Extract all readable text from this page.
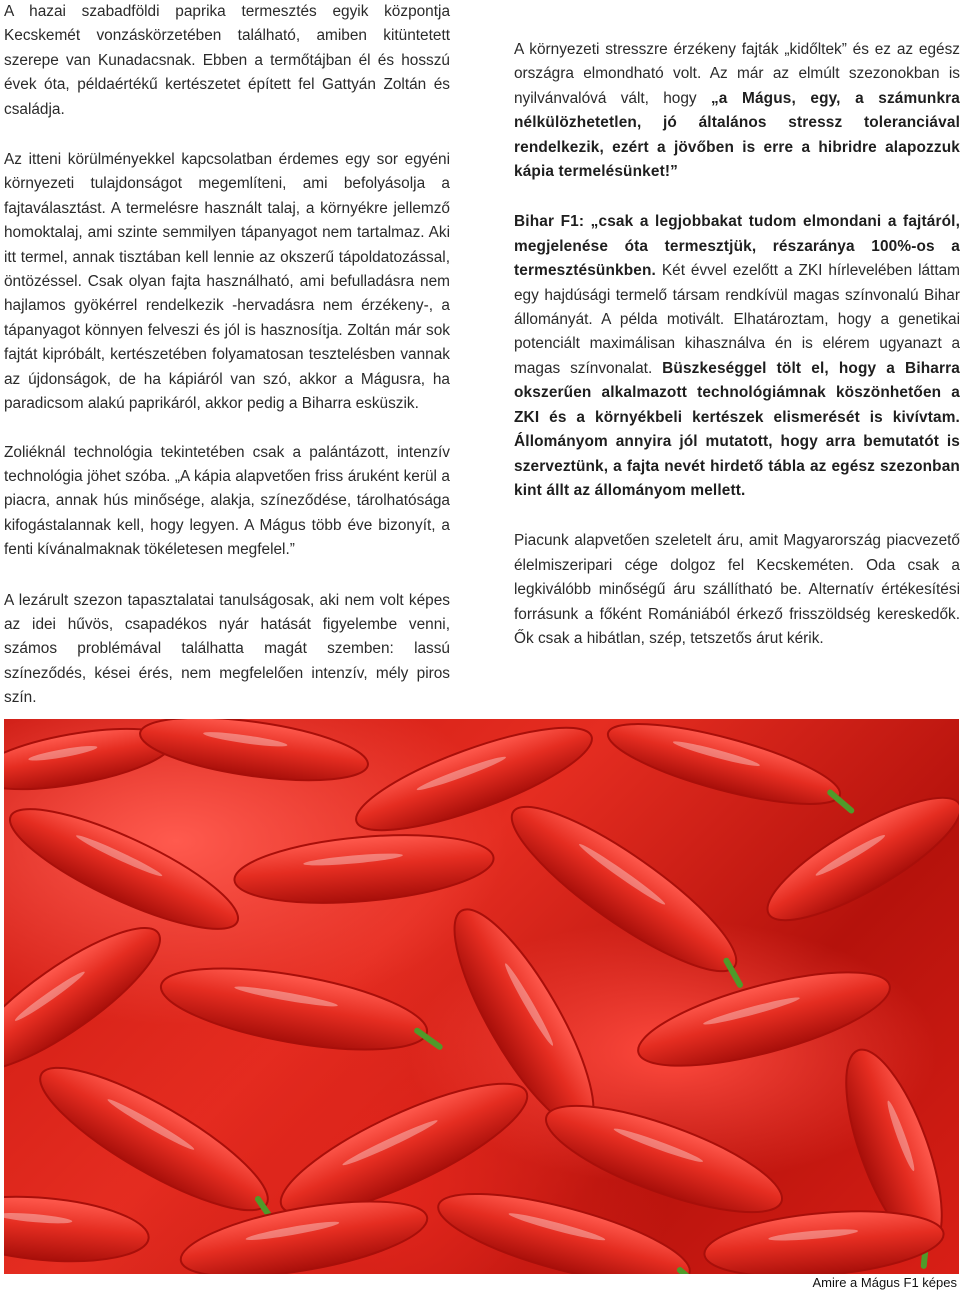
A hazai szabadföldi paprika termesztés egyik központja Kecskemét vonzáskörzetében található, amiben kitüntetett szerepe van Kunadacsnak. Ebben a termőtájban él és hosszú évek óta, példaértékű kertészetet épített fel Gattyán Zoltán és családja.

Az itteni körülményekkel kapcsolatban érdemes egy sor egyéni környezeti tulajdonságot megemlíteni, ami befolyásolja a fajtaválasztást. A termelésre használt talaj, a környékre jellemző homoktalaj, ami szinte semmilyen tápanyagot nem tartalmaz. Aki itt termel, annak tisztában kell lennie az okszerű tápoldatozással, öntözéssel. Csak olyan fajta használható, ami befulladásra nem hajlamos gyökérrel rendelkezik -hervadásra nem érzékeny-, a tápanyagot könnyen felveszi és jól is hasznosítja. Zoltán már sok fajtát kipróbált, kertészetében folyamatosan tesztelésben vannak az újdonságok, de ha kápiáról van szó, akkor a Mágusra, ha paradicsom alakú paprikáról, akkor pedig a Biharra esküszik.

Zoliéknál technológia tekintetében csak a palántázott, intenzív technológia jöhet szóba. „A kápia alapvetően friss áruként kerül a piacra, annak hús minősége, alakja, színeződése, tárolhatósága kifogástalannak kell, hogy legyen. A Mágus több éve bizonyít, a fenti kívánalmaknak tökéletesen megfelel.”

A lezárult szezon tapasztalatai tanulságosak, aki nem volt képes az idei hűvös, csapadékos nyár hatását figyelembe venni, számos problémával találhatta magát szemben: lassú színeződés, kései érés, nem megfelelően intenzív, mély piros szín.

A környezeti stresszre érzékeny fajták „kidőltek” és ez az egész országra elmondható volt. Az már az elmúlt szezonokban is nyilvánvalóvá vált, hogy „a Mágus, egy, a számunkra nélkülözhetetlen, jó általános stressz toleranciával rendelkezik, ezért a jövőben is erre a hibridre alapozzuk kápia termelésünket!”

Bihar F1: „csak a legjobbakat tudom elmondani a fajtáról, megjelenése óta termesztjük, részaránya 100%-os a termesztésünkben. Két évvel ezelőtt a ZKI hírlevelében láttam egy hajdúsági termelő társam rendkívül magas színvonalú Bihar állományát. A példa motivált. Elhatároztam, hogy a genetikai potenciált maximálisan kihasználva én is elérem ugyanazt a magas színvonalat. Büszkeséggel tölt el, hogy a Biharra okszerűen alkalmazott technológiámnak köszönhetően a ZKI és a környékbeli kertészek elismerését is kivívtam. Állományom annyira jól mutatott, hogy arra bemutatót is szerveztünk, a fajta nevét hirdető tábla az egész szezonban kint állt az állományom mellett.

Piacunk alapvetően szeletelt áru, amit Magyarország piacvezető élelmiszeripari cége dolgoz fel Kecskeméten. Oda csak a legkiválóbb minőségű áru szállítható be. Alternatív értékesítési forrásunk a főként Romániából érkező frisszöldség kereskedők. Ők csak a hibátlan, szép, tetszetős árut kérik.

Amire a Mágus F1 képes
